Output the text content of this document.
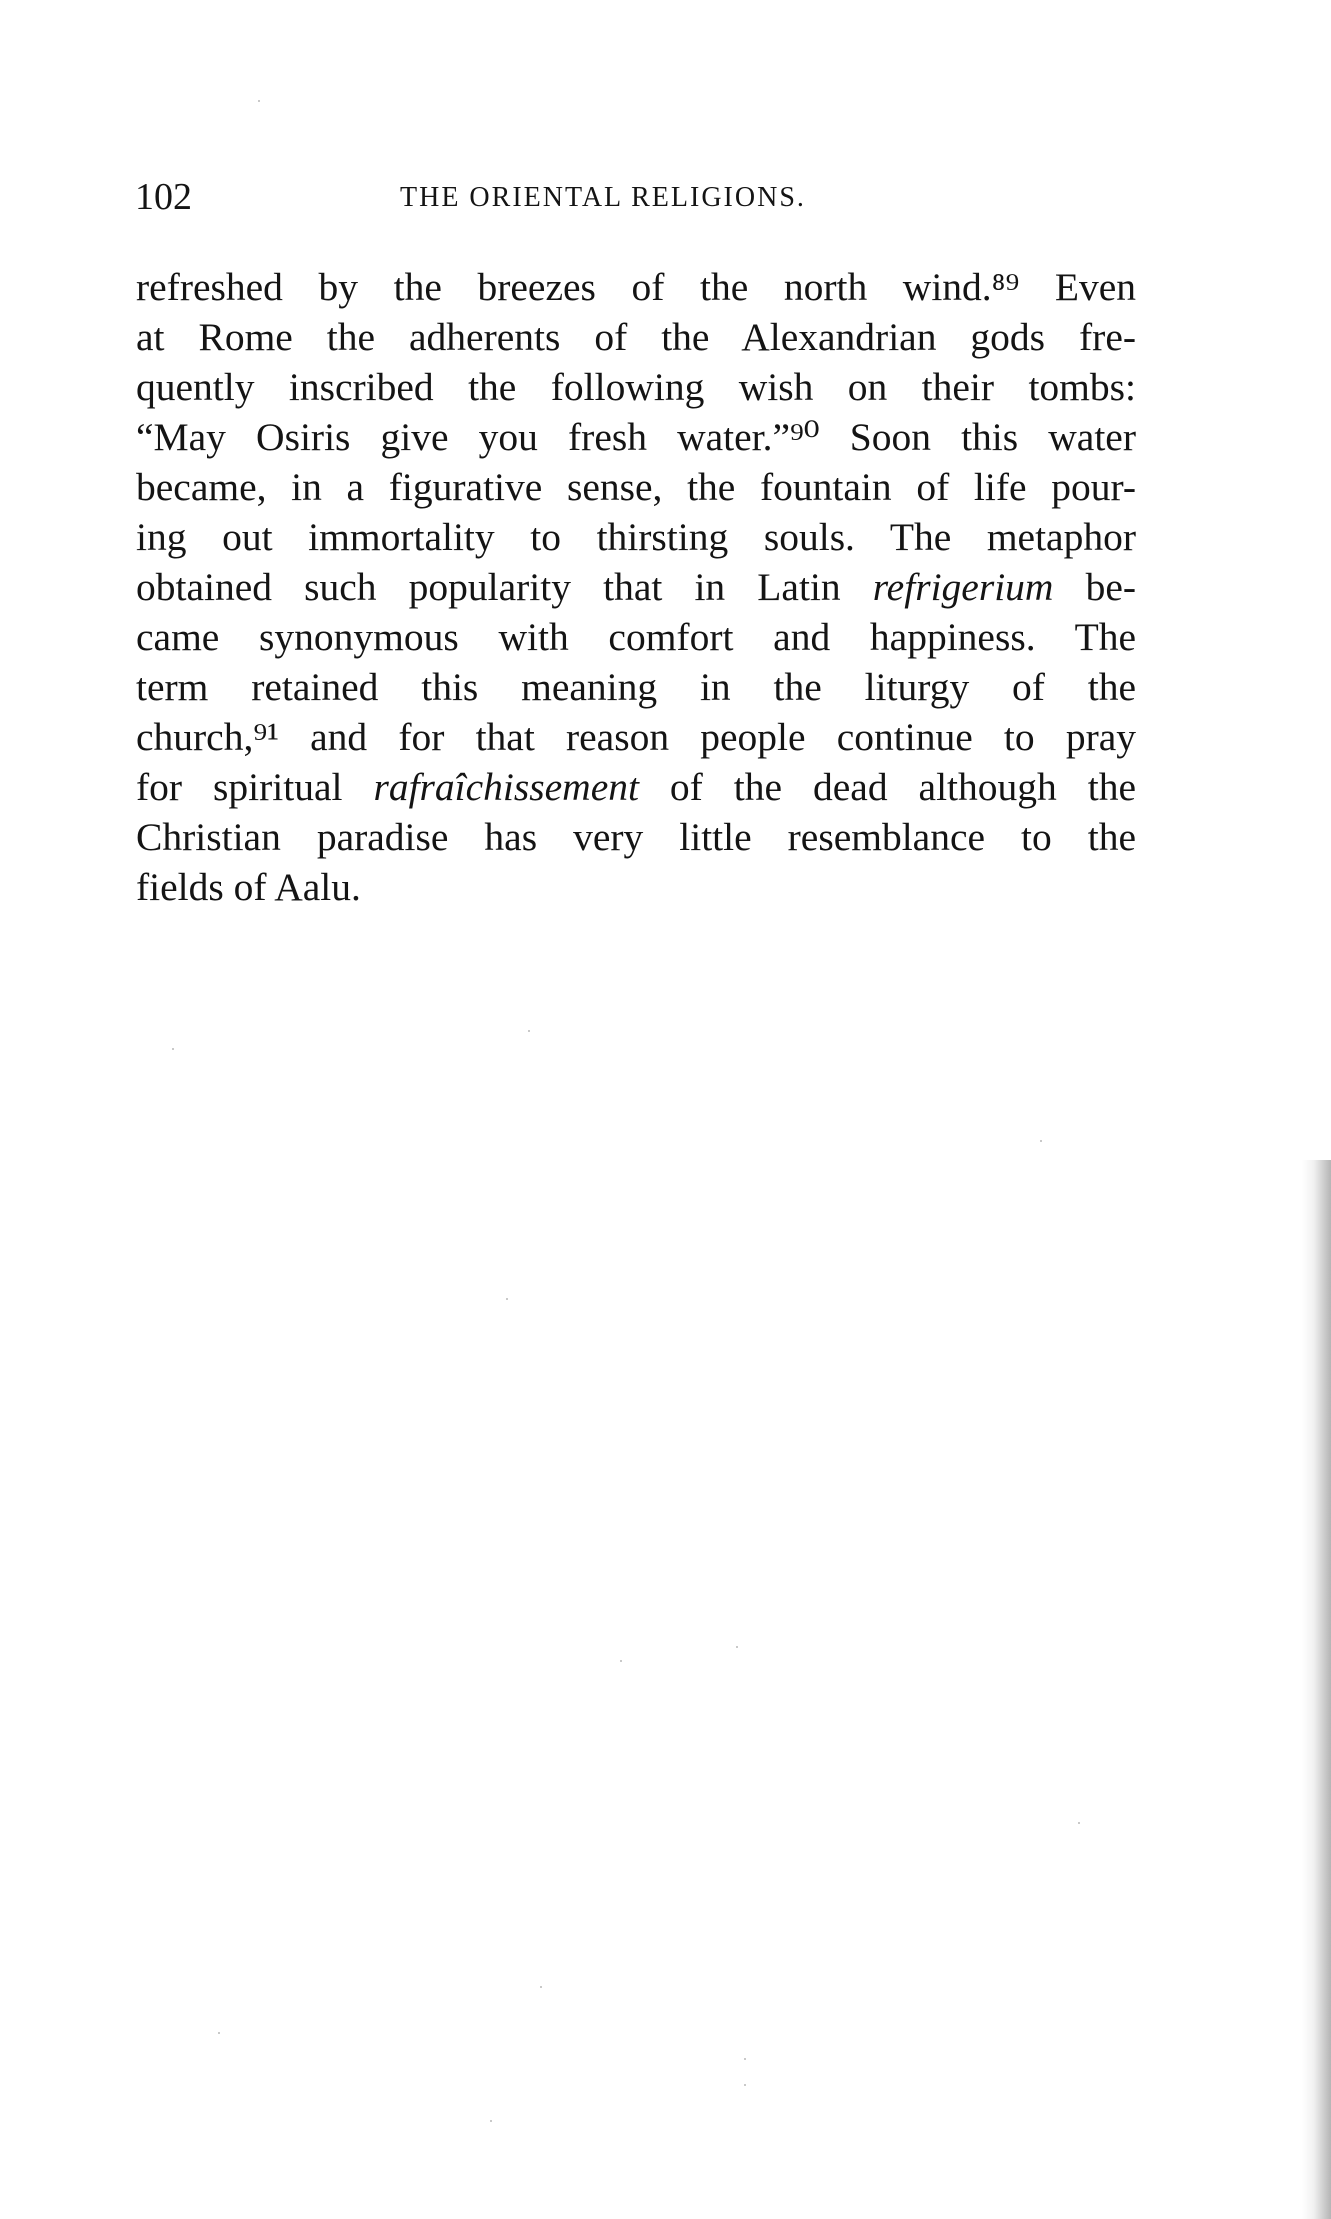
102	THE ORIENTAL RELIGIONS.
refreshed by the breezes of the north wind.⁸⁹ Even
at Rome the adherents of the Alexandrian gods fre-
quently inscribed the following wish on their tombs:
“May Osiris give you fresh water.”⁹⁰ Soon this water
became, in a figurative sense, the fountain of life pour-
ing out immortality to thirsting souls. The metaphor
obtained such popularity that in Latin refrigerium be-
came synonymous with comfort and happiness. The
term retained this meaning in the liturgy of the
church,⁹¹ and for that reason people continue to pray
for spiritual rafraîchissement of the dead although the
Christian paradise has very little resemblance to the
fields of Aalu.
